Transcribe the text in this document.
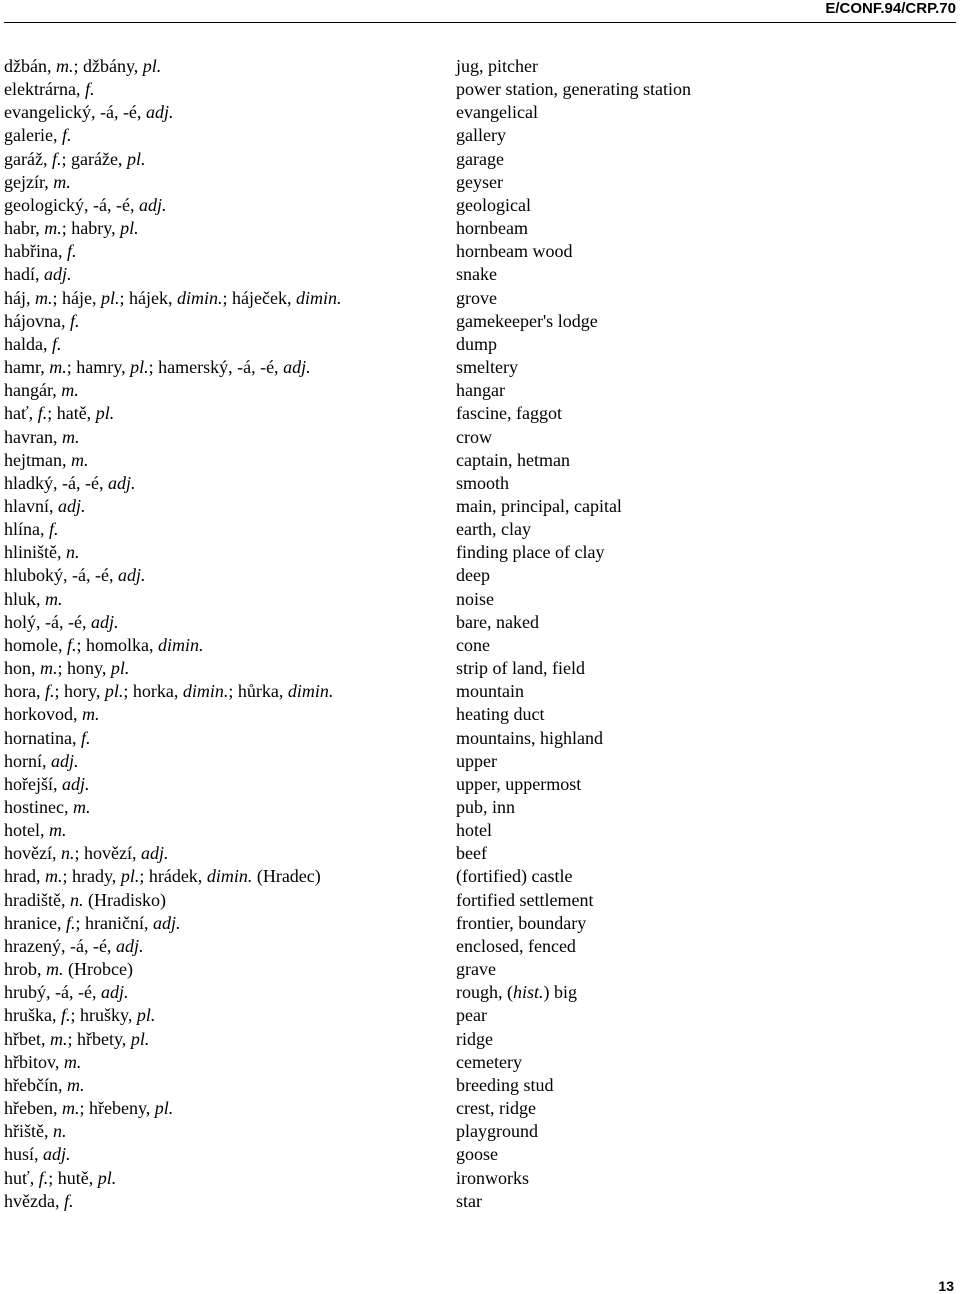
E/CONF.94/CRP.70
džbán, m.; džbány, pl.	jug, pitcher
elektrárna, f.	power station, generating station
evangelický, -á, -é, adj.	evangelical
galerie, f.	gallery
garáž, f.; garáže, pl.	garage
gejzír, m.	geyser
geologický, -á, -é, adj.	geological
habr, m.; habry, pl.	hornbeam
habřina, f.	hornbeam wood
hadí, adj.	snake
háj, m.; háje, pl.; hájek, dimin.; háječek, dimin.	grove
hájovna, f.	gamekeeper's lodge
halda, f.	dump
hamr, m.; hamry, pl.; hamerský, -á, -é, adj.	smeltery
hangár, m.	hangar
hať, f.; hatě, pl.	fascine, faggot
havran, m.	crow
hejtman, m.	captain, hetman
hladký, -á, -é, adj.	smooth
hlavní, adj.	main, principal, capital
hlína, f.	earth, clay
hliniště, n.	finding place of clay
hluboký, -á, -é, adj.	deep
hluk, m.	noise
holý, -á, -é, adj.	bare, naked
homole, f.; homolka, dimin.	cone
hon, m.; hony, pl.	strip of land, field
hora, f.; hory, pl.; horka, dimin.; hůrka, dimin.	mountain
horkovod, m.	heating duct
hornatina, f.	mountains, highland
horní, adj.	upper
hořejší, adj.	upper, uppermost
hostinec, m.	pub, inn
hotel, m.	hotel
hovězí, n.; hovězí, adj.	beef
hrad, m.; hrady, pl.; hrádek, dimin. (Hradec)	(fortified) castle
hradiště, n. (Hradisko)	fortified settlement
hranice, f.; hraniční, adj.	frontier, boundary
hrazený, -á, -é, adj.	enclosed, fenced
hrob, m. (Hrobce)	grave
hrubý, -á, -é, adj.	rough, (hist.) big
hruška, f.; hrušky, pl.	pear
hřbet, m.; hřbety, pl.	ridge
hřbitov, m.	cemetery
hřebčín, m.	breeding stud
hřeben, m.; hřebeny, pl.	crest, ridge
hřiště, n.	playground
husí, adj.	goose
huť, f.; hutě, pl.	ironworks
hvězda, f.	star
13
